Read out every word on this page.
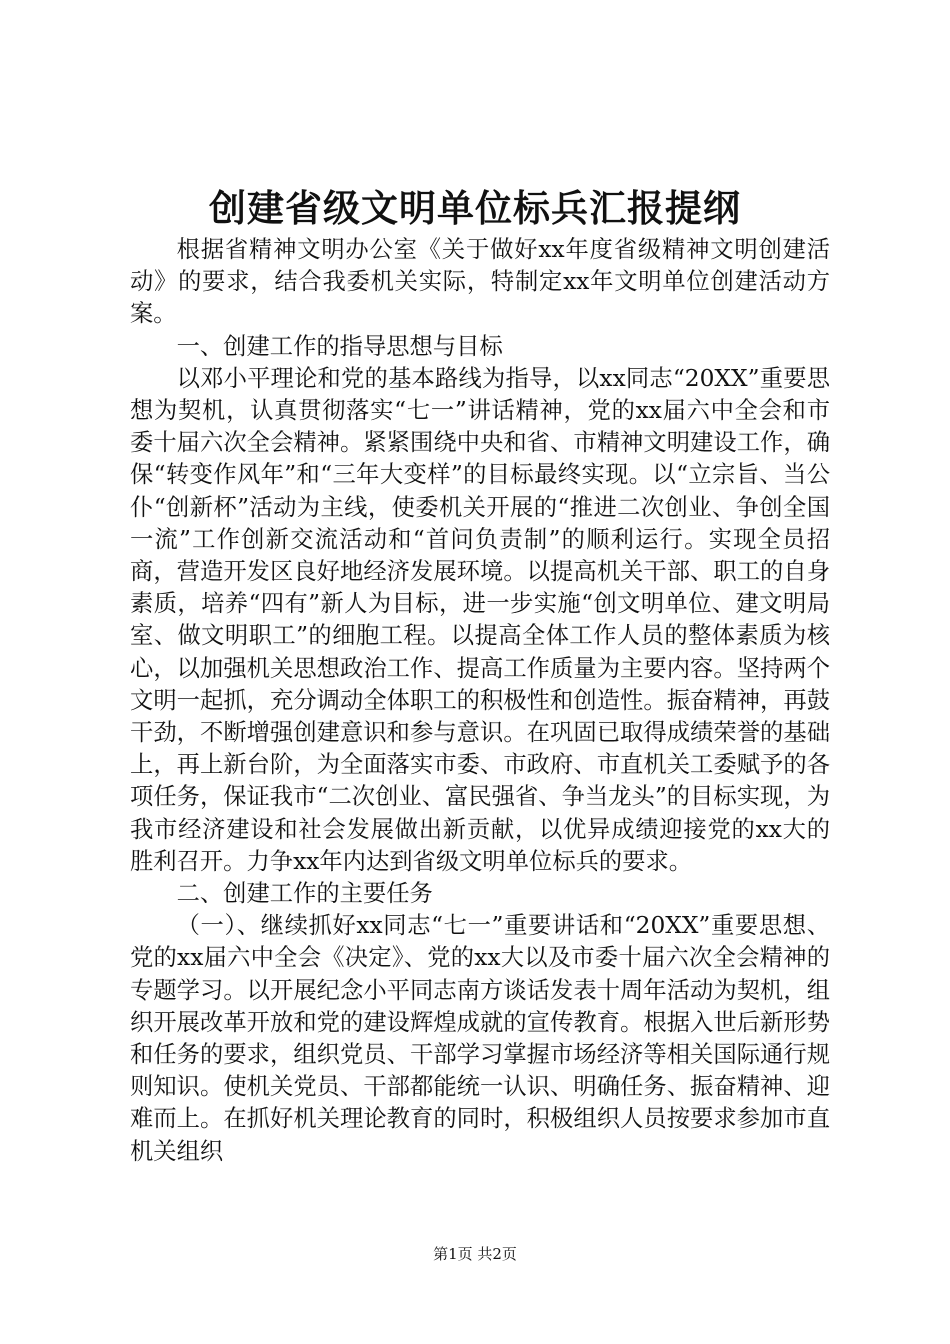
创建省级文明单位标兵汇报提纲

根据省精神文明办公室《关于做好xx年度省级精神文明创建活动》的要求，结合我委机关实际，特制定xx年文明单位创建活动方案。

一、创建工作的指导思想与目标

以邓小平理论和党的基本路线为指导，以xx同志“20XX”重要思想为契机，认真贯彻落实“七一”讲话精神，党的xx届六中全会和市委十届六次全会精神。紧紧围绕中央和省、市精神文明建设工作，确保“转变作风年”和“三年大变样”的目标最终实现。以“立宗旨、当公仆“创新杯”活动为主线，使委机关开展的“推进二次创业、争创全国一流”工作创新交流活动和“首问负责制”的顺利运行。实现全员招商，营造开发区良好地经济发展环境。以提高机关干部、职工的自身素质，培养“四有”新人为目标，进一步实施“创文明单位、建文明局室、做文明职工”的细胞工程。以提高全体工作人员的整体素质为核心，以加强机关思想政治工作、提高工作质量为主要内容。坚持两个文明一起抓，充分调动全体职工的积极性和创造性。振奋精神，再鼓干劲，不断增强创建意识和参与意识。在巩固已取得成绩荣誉的基础上，再上新台阶，为全面落实市委、市政府、市直机关工委赋予的各项任务，保证我市“二次创业、富民强省、争当龙头”的目标实现，为我市经济建设和社会发展做出新贡献，以优异成绩迎接党的xx大的胜利召开。力争xx年内达到省级文明单位标兵的要求。

二、创建工作的主要任务

（一）、继续抓好xx同志“七一”重要讲话和“20XX”重要思想、党的xx届六中全会《决定》、党的xx大以及市委十届六次全会精神的专题学习。以开展纪念小平同志南方谈话发表十周年活动为契机，组织开展改革开放和党的建设辉煌成就的宣传教育。根据入世后新形势和任务的要求，组织党员、干部学习掌握市场经济等相关国际通行规则知识。使机关党员、干部都能统一认识、明确任务、振奋精神、迎难而上。在抓好机关理论教育的同时，积极组织人员按要求参加市直机关组织

第1页 共2页
